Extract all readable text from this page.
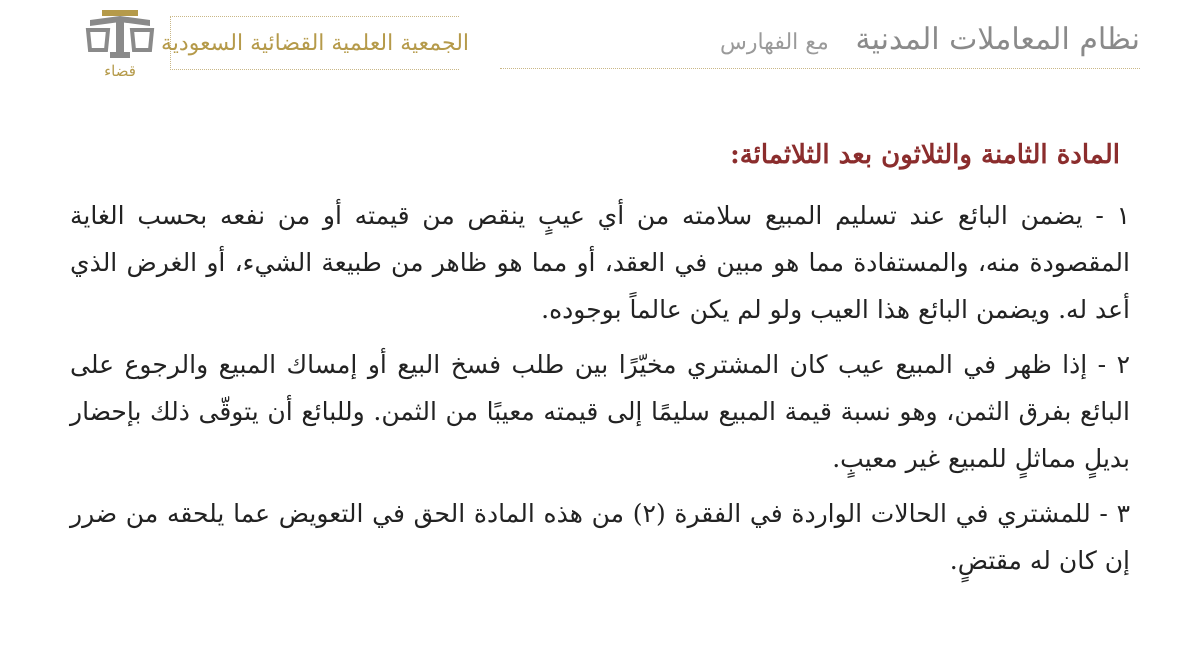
قضاء
الجمعية العلمية القضائية السعودية	مع الفهارس نظام المعاملات المدنية
المادة الثامنة والثلاثون بعد الثلاثمائة:

١ - يضمن البائع عند تسليم المبيع سلامته من أي عيبٍ ينقص من قيمته أو من نفعه بحسب الغاية المقصودة منه، والمستفادة مما هو مبين في العقد، أو مما هو ظاهر من طبيعة الشيء، أو الغرض الذي أعد له. ويضمن البائع هذا العيب ولو لم يكن عالماً بوجوده.

٢ - إذا ظهر في المبيع عيب كان المشتري مخيّرًا بين طلب فسخ البيع أو إمساك المبيع والرجوع على البائع بفرق الثمن، وهو نسبة قيمة المبيع سليمًا إلى قيمته معيبًا من الثمن. وللبائع أن يتوقّى ذلك بإحضار بديلٍ مماثلٍ للمبيع غير معيبٍ.

٣ - للمشتري في الحالات الواردة في الفقرة (٢) من هذه المادة الحق في التعويض عما يلحقه من ضرر إن كان له مقتضٍ.
